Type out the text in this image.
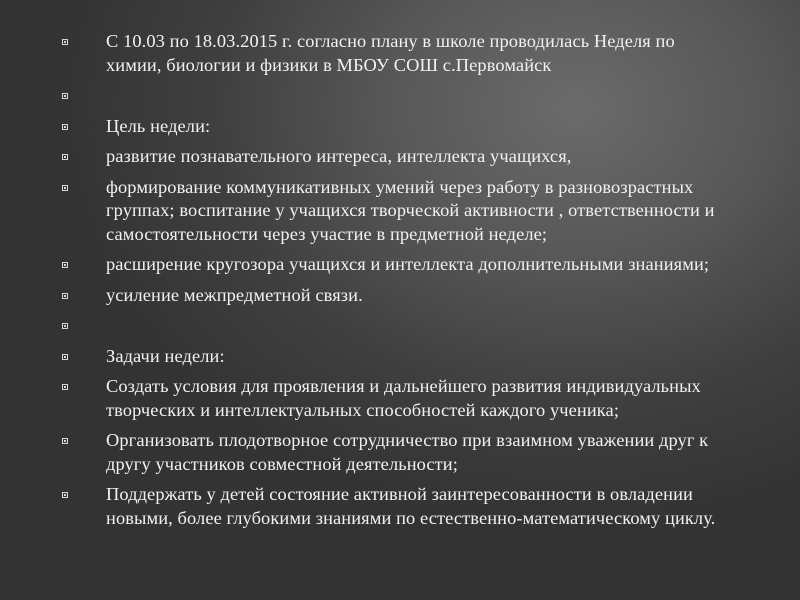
С 10.03 по 18.03.2015 г. согласно плану в школе проводилась Неделя по химии, биологии и физики в МБОУ СОШ с.Первомайск
Цель недели:
развитие познавательного интереса, интеллекта учащихся,
формирование коммуникативных умений через работу в разновозрастных группах; воспитание у учащихся творческой активности , ответственности и самостоятельности через участие в предметной неделе;
расширение кругозора учащихся и интеллекта дополнительными знаниями;
усиление межпредметной связи.
Задачи недели:
Создать условия для проявления и дальнейшего развития индивидуальных творческих и интеллектуальных способностей каждого ученика;
Организовать плодотворное сотрудничество при взаимном уважении друг к другу участников совместной деятельности;
Поддержать у детей состояние активной заинтересованности в овладении новыми, более глубокими знаниями по естественно-математическому циклу.
